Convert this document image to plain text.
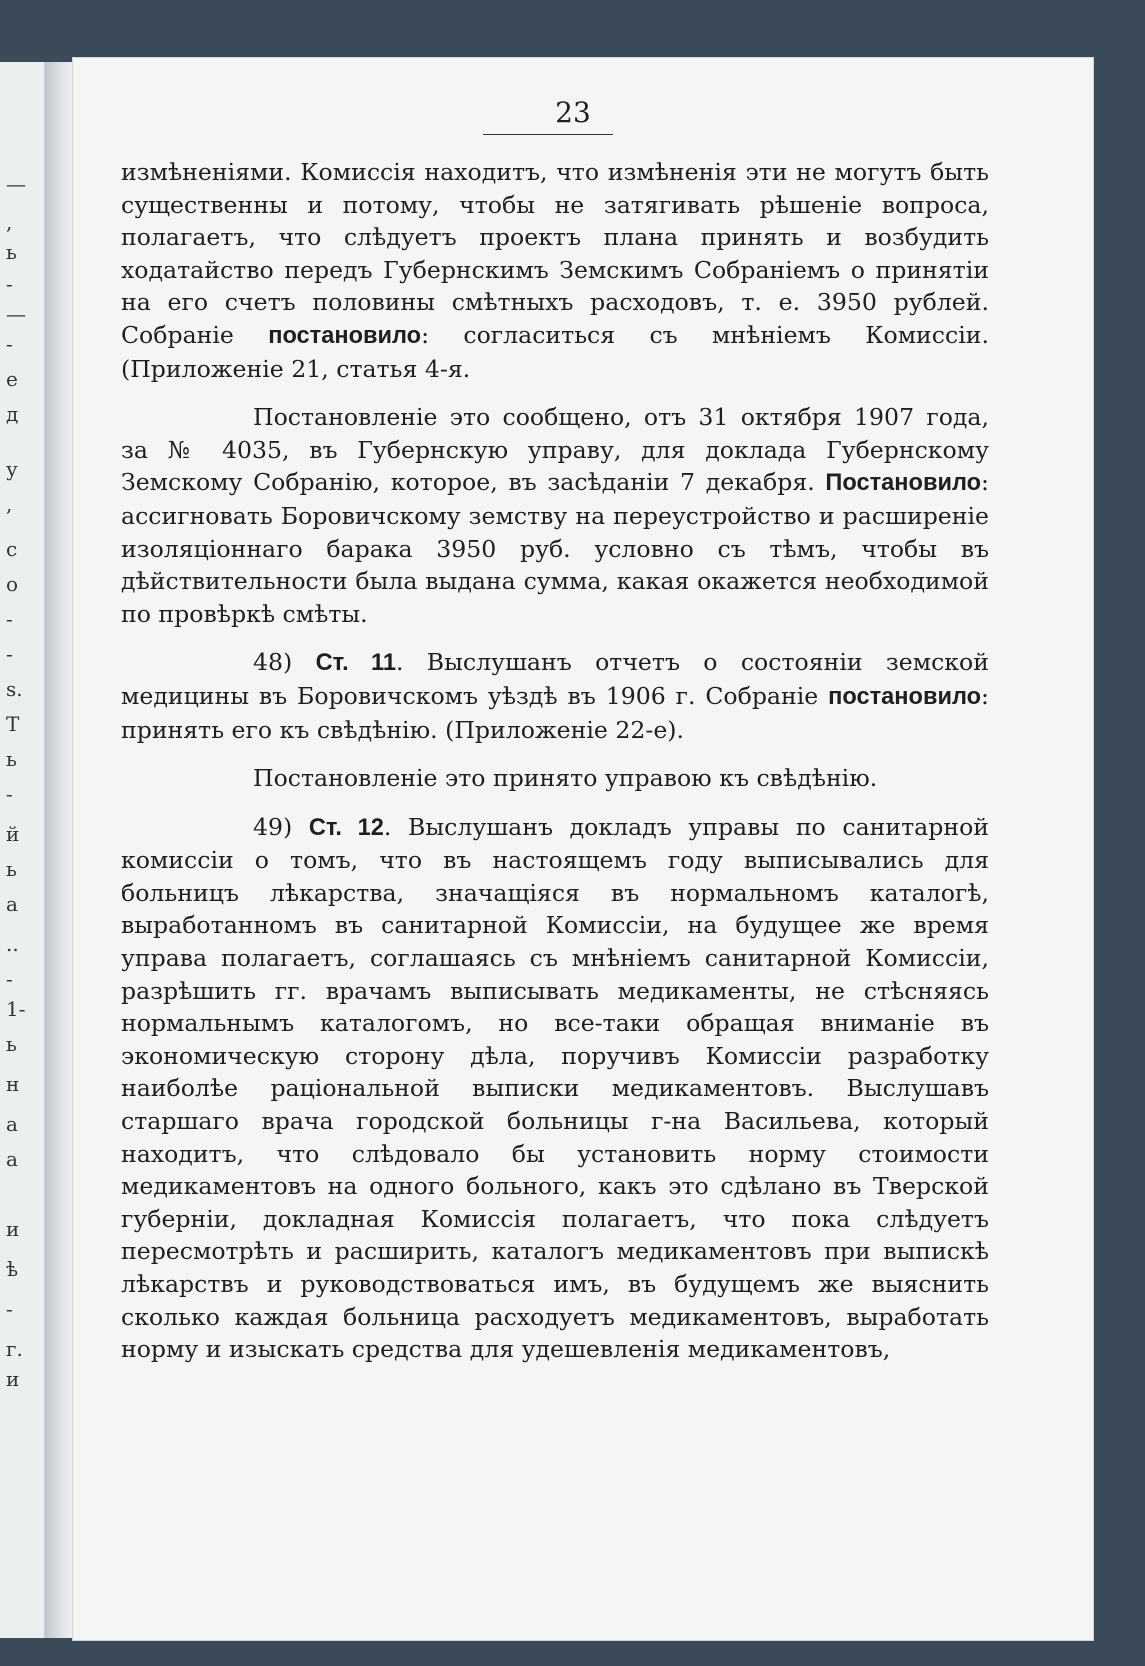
—
,
ь
-
—
-
е
д
у
,
с
о
-
-
s.
Т
ь
-
й
ь
а
..
-
1-
ь
н
а
а
и
ѣ
-
г.
и
23

измѣненіями. Комиссія находитъ, что измѣненія эти не могутъ быть существенны и потому, чтобы не затягивать рѣшеніе вопроса, полагаетъ, что слѣдуетъ проектъ плана принять и возбудить ходатайство передъ Губернскимъ Земскимъ Собраніемъ о принятіи на его счетъ половины смѣтныхъ расходовъ, т. е. 3950 рублей. Собраніе постановило: согласиться съ мнѣніемъ Комиссіи. (Приложеніе 21, статья 4-я.

Постановленіе это сообщено, отъ 31 октября 1907 года, за № 4035, въ Губернскую управу, для доклада Губернскому Земскому Собранію, которое, въ засѣданіи 7 декабря. Постановило: ассигновать Боровичскому земству на переустройство и расширеніе изоляціоннаго барака 3950 руб. условно съ тѣмъ, чтобы въ дѣйствительности была выдана сумма, какая окажется необходимой по провѣркѣ смѣты.

48) Ст. 11. Выслушанъ отчетъ о состояніи земской медицины въ Боровичскомъ уѣздѣ въ 1906 г. Собраніе постановило: принять его къ свѣдѣнію. (Приложеніе 22-е).

Постановленіе это принято управою къ свѣдѣнію.

49) Ст. 12. Выслушанъ докладъ управы по санитарной комиссіи о томъ, что въ настоящемъ году выписывались для больницъ лѣкарства, значащіяся въ нормальномъ каталогѣ, выработанномъ въ санитарной Комиссіи, на будущее же время управа полагаетъ, соглашаясь съ мнѣніемъ санитарной Комиссіи, разрѣшить гг. врачамъ выписывать медикаменты, не стѣсняясь нормальнымъ каталогомъ, но все-таки обращая вниманіе въ экономическую сторону дѣла, поручивъ Комиссіи разработку наиболѣе раціональной выписки медикаментовъ. Выслушавъ старшаго врача городской больницы г-на Васильева, который находитъ, что слѣдовало бы установить норму стоимости медикаментовъ на одного больного, какъ это сдѣлано въ Тверской губерніи, докладная Комиссія полагаетъ, что пока слѣдуетъ пересмотрѣть и расширить, каталогъ медикаментовъ при выпискѣ лѣкарствъ и руководствоваться имъ, въ будущемъ же выяснить сколько каждая больница расходуетъ медикаментовъ, выработать норму и изыскать средства для удешевленія медикаментовъ,
